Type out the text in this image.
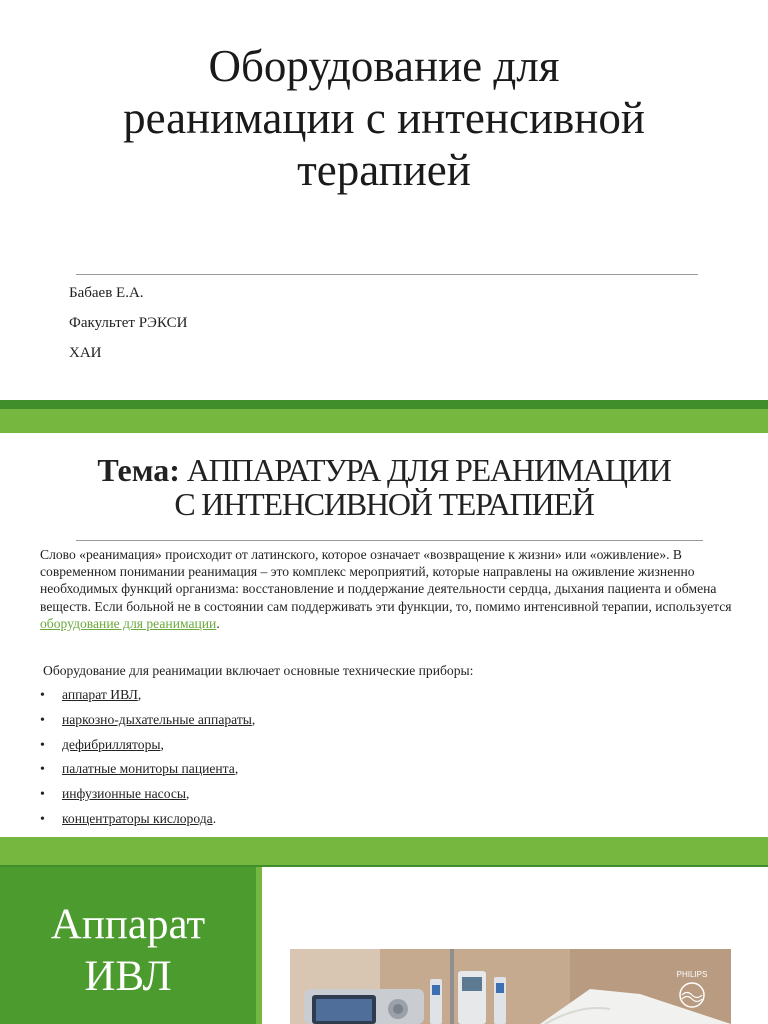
Оборудование для
реанимации с интенсивной
терапией
Бабаев Е.А.
Факультет РЭКСИ
ХАИ
Тема: АППАРАТУРА ДЛЯ РЕАНИМАЦИИ
С ИНТЕНСИВНОЙ ТЕРАПИЕЙ

Слово «реанимация» происходит от латинского, которое означает «возвращение к жизни» или «оживление». В современном понимании реанимация – это комплекс мероприятий, которые направлены на оживление жизненно необходимых функций организма: восстановление и поддержание деятельности сердца, дыхания пациента и обмена веществ. Если больной не в состоянии сам поддерживать эти функции, то, помимо интенсивной терапии, используется оборудование для реанимации.

Оборудование для реанимации включает основные технические приборы:

• аппарат ИВЛ,
• наркозно-дыхательные аппараты,
• дефибрилляторы,
• палатные мониторы пациента,
• инфузионные насосы,
• концентраторы кислорода.
Аппарат
ИВЛ	PHILIPS
